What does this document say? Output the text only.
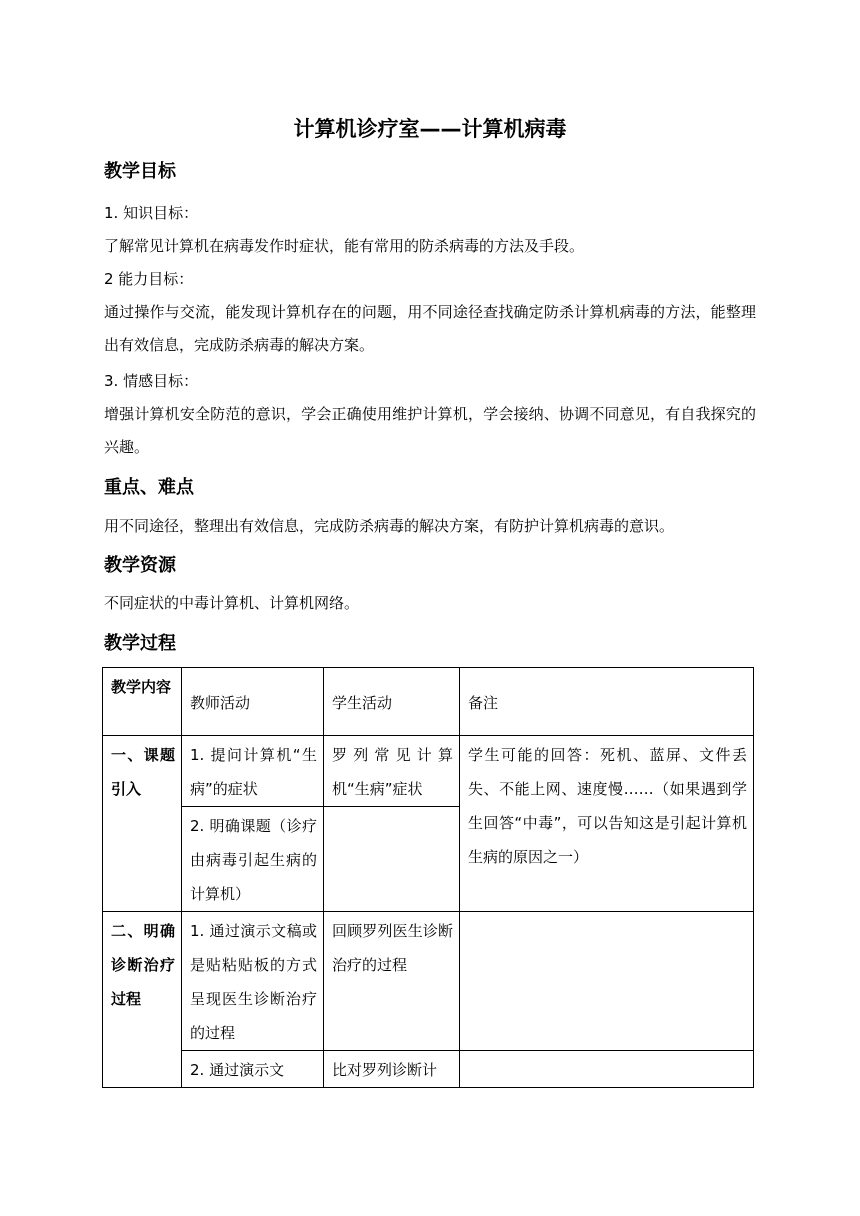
计算机诊疗室——计算机病毒
教学目标
1. 知识目标：
了解常见计算机在病毒发作时症状，能有常用的防杀病毒的方法及手段。
2 能力目标：
通过操作与交流，能发现计算机存在的问题，用不同途径查找确定防杀计算机病毒的方法，能整理出有效信息，完成防杀病毒的解决方案。
3. 情感目标：
增强计算机安全防范的意识，学会正确使用维护计算机，学会接纳、协调不同意见，有自我探究的兴趣。
重点、难点
用不同途径，整理出有效信息，完成防杀病毒的解决方案，有防护计算机病毒的意识。
教学资源
不同症状的中毒计算机、计算机网络。
教学过程
教学内容	教师活动	学生活动	备注
一、课题引入	1. 提问计算机“生病”的症状	罗列常见计算机“生病”症状	学生可能的回答：死机、蓝屏、文件丢失、不能上网、速度慢……（如果遇到学生回答“中毒”，可以告知这是引起计算机生病的原因之一）
	2. 明确课题（诊疗由病毒引起生病的计算机）		
二、明确诊断治疗过程	1. 通过演示文稿或是贴粘贴板的方式呈现医生诊断治疗的过程	回顾罗列医生诊断治疗的过程	

	2. 通过演示文	比对罗列诊断计	
